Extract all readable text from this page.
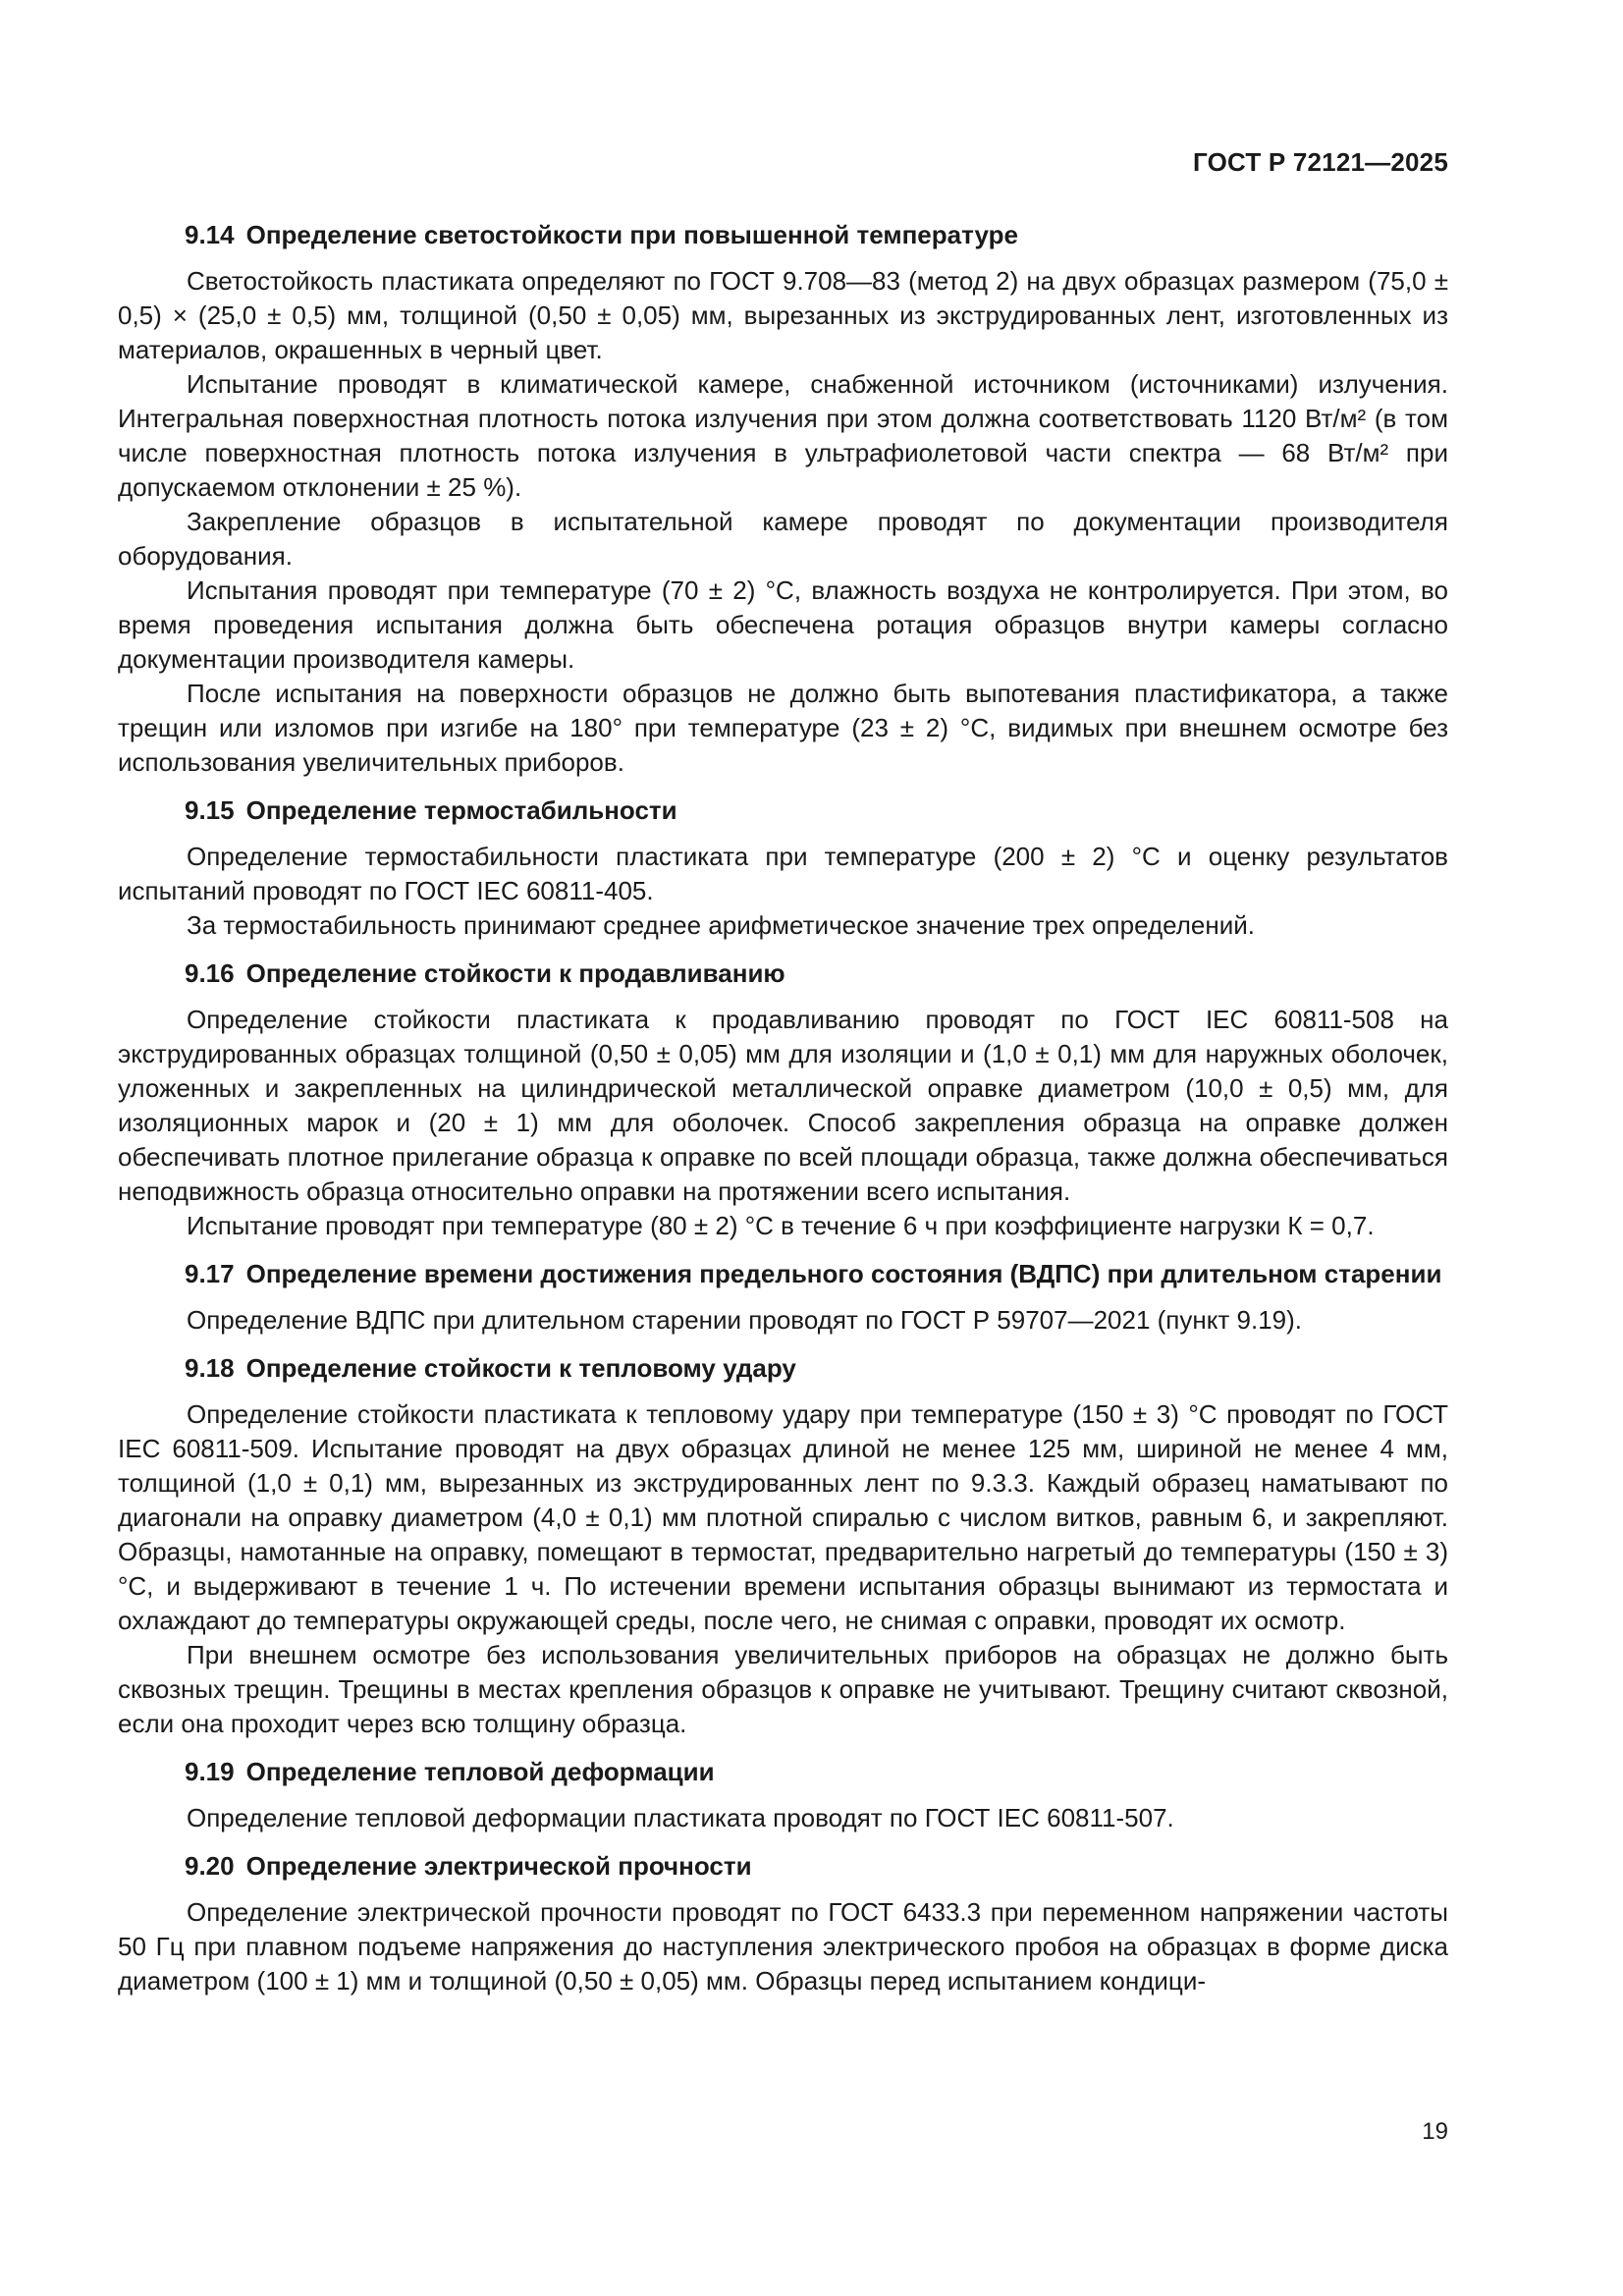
ГОСТ Р 72121—2025
9.14 Определение светостойкости при повышенной температуре

Светостойкость пластиката определяют по ГОСТ 9.708—83 (метод 2) на двух образцах размером (75,0 ± 0,5) × (25,0 ± 0,5) мм, толщиной (0,50 ± 0,05) мм, вырезанных из экструдированных лент, изготовленных из материалов, окрашенных в черный цвет.

Испытание проводят в климатической камере, снабженной источником (источниками) излучения. Интегральная поверхностная плотность потока излучения при этом должна соответствовать 1120 Вт/м² (в том числе поверхностная плотность потока излучения в ультрафиолетовой части спектра — 68 Вт/м² при допускаемом отклонении ± 25 %).

Закрепление образцов в испытательной камере проводят по документации производителя оборудования.

Испытания проводят при температуре (70 ± 2) °С, влажность воздуха не контролируется. При этом, во время проведения испытания должна быть обеспечена ротация образцов внутри камеры согласно документации производителя камеры.

После испытания на поверхности образцов не должно быть выпотевания пластификатора, а также трещин или изломов при изгибе на 180° при температуре (23 ± 2) °С, видимых при внешнем осмотре без использования увеличительных приборов.

9.15 Определение термостабильности

Определение термостабильности пластиката при температуре (200 ± 2) °С и оценку результатов испытаний проводят по ГОСТ IEC 60811-405.

За термостабильность принимают среднее арифметическое значение трех определений.

9.16 Определение стойкости к продавливанию

Определение стойкости пластиката к продавливанию проводят по ГОСТ IEC 60811-508 на экструдированных образцах толщиной (0,50 ± 0,05) мм для изоляции и (1,0 ± 0,1) мм для наружных оболочек, уложенных и закрепленных на цилиндрической металлической оправке диаметром (10,0 ± 0,5) мм, для изоляционных марок и (20 ± 1) мм для оболочек. Способ закрепления образца на оправке должен обеспечивать плотное прилегание образца к оправке по всей площади образца, также должна обеспечиваться неподвижность образца относительно оправки на протяжении всего испытания.

Испытание проводят при температуре (80 ± 2) °С в течение 6 ч при коэффициенте нагрузки К = 0,7.

9.17 Определение времени достижения предельного состояния (ВДПС) при длительном старении

Определение ВДПС при длительном старении проводят по ГОСТ Р 59707—2021 (пункт 9.19).

9.18 Определение стойкости к тепловому удару

Определение стойкости пластиката к тепловому удару при температуре (150 ± 3) °С проводят по ГОСТ IEC 60811-509. Испытание проводят на двух образцах длиной не менее 125 мм, шириной не менее 4 мм, толщиной (1,0 ± 0,1) мм, вырезанных из экструдированных лент по 9.3.3. Каждый образец наматывают по диагонали на оправку диаметром (4,0 ± 0,1) мм плотной спиралью с числом витков, равным 6, и закрепляют. Образцы, намотанные на оправку, помещают в термостат, предварительно нагретый до температуры (150 ± 3) °С, и выдерживают в течение 1 ч. По истечении времени испытания образцы вынимают из термостата и охлаждают до температуры окружающей среды, после чего, не снимая с оправки, проводят их осмотр.

При внешнем осмотре без использования увеличительных приборов на образцах не должно быть сквозных трещин. Трещины в местах крепления образцов к оправке не учитывают. Трещину считают сквозной, если она проходит через всю толщину образца.

9.19 Определение тепловой деформации

Определение тепловой деформации пластиката проводят по ГОСТ IEC 60811-507.

9.20 Определение электрической прочности

Определение электрической прочности проводят по ГОСТ 6433.3 при переменном напряжении частоты 50 Гц при плавном подъеме напряжения до наступления электрического пробоя на образцах в форме диска диаметром (100 ± 1) мм и толщиной (0,50 ± 0,05) мм. Образцы перед испытанием кондици-

19
